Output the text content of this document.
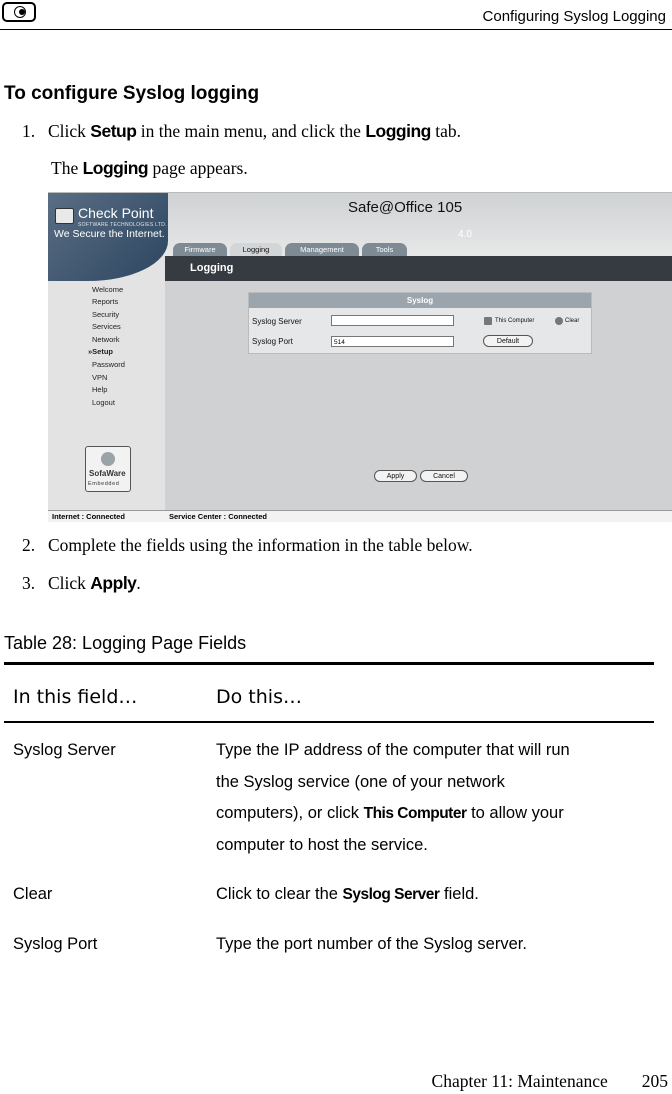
Configuring Syslog Logging
To configure Syslog logging
1. Click Setup in the main menu, and click the Logging tab.
The Logging page appears.
Check Point
SOFTWARE TECHNOLOGIES LTD.
We Secure the Internet.
Safe@Office 105
4.0
Firmware	Logging	Management	Tools
Logging
Welcome
Reports
Security
Services
Network
»Setup
Password
VPN
Help
Logout
SofaWare
Embedded
Syslog
Syslog Server	This Computer	Clear
Syslog Port	514	Default
Apply	Cancel
Internet : Connected	Service Center : Connected
2. Complete the fields using the information in the table below.
3. Click Apply.
Table 28: Logging Page Fields
In this field…	Do this…
Syslog Server	Type the IP address of the computer that will run
the Syslog service (one of your network
computers), or click This Computer to allow your
computer to host the service.
Clear	Click to clear the Syslog Server field.
Syslog Port	Type the port number of the Syslog server.
Chapter 11: Maintenance 205
